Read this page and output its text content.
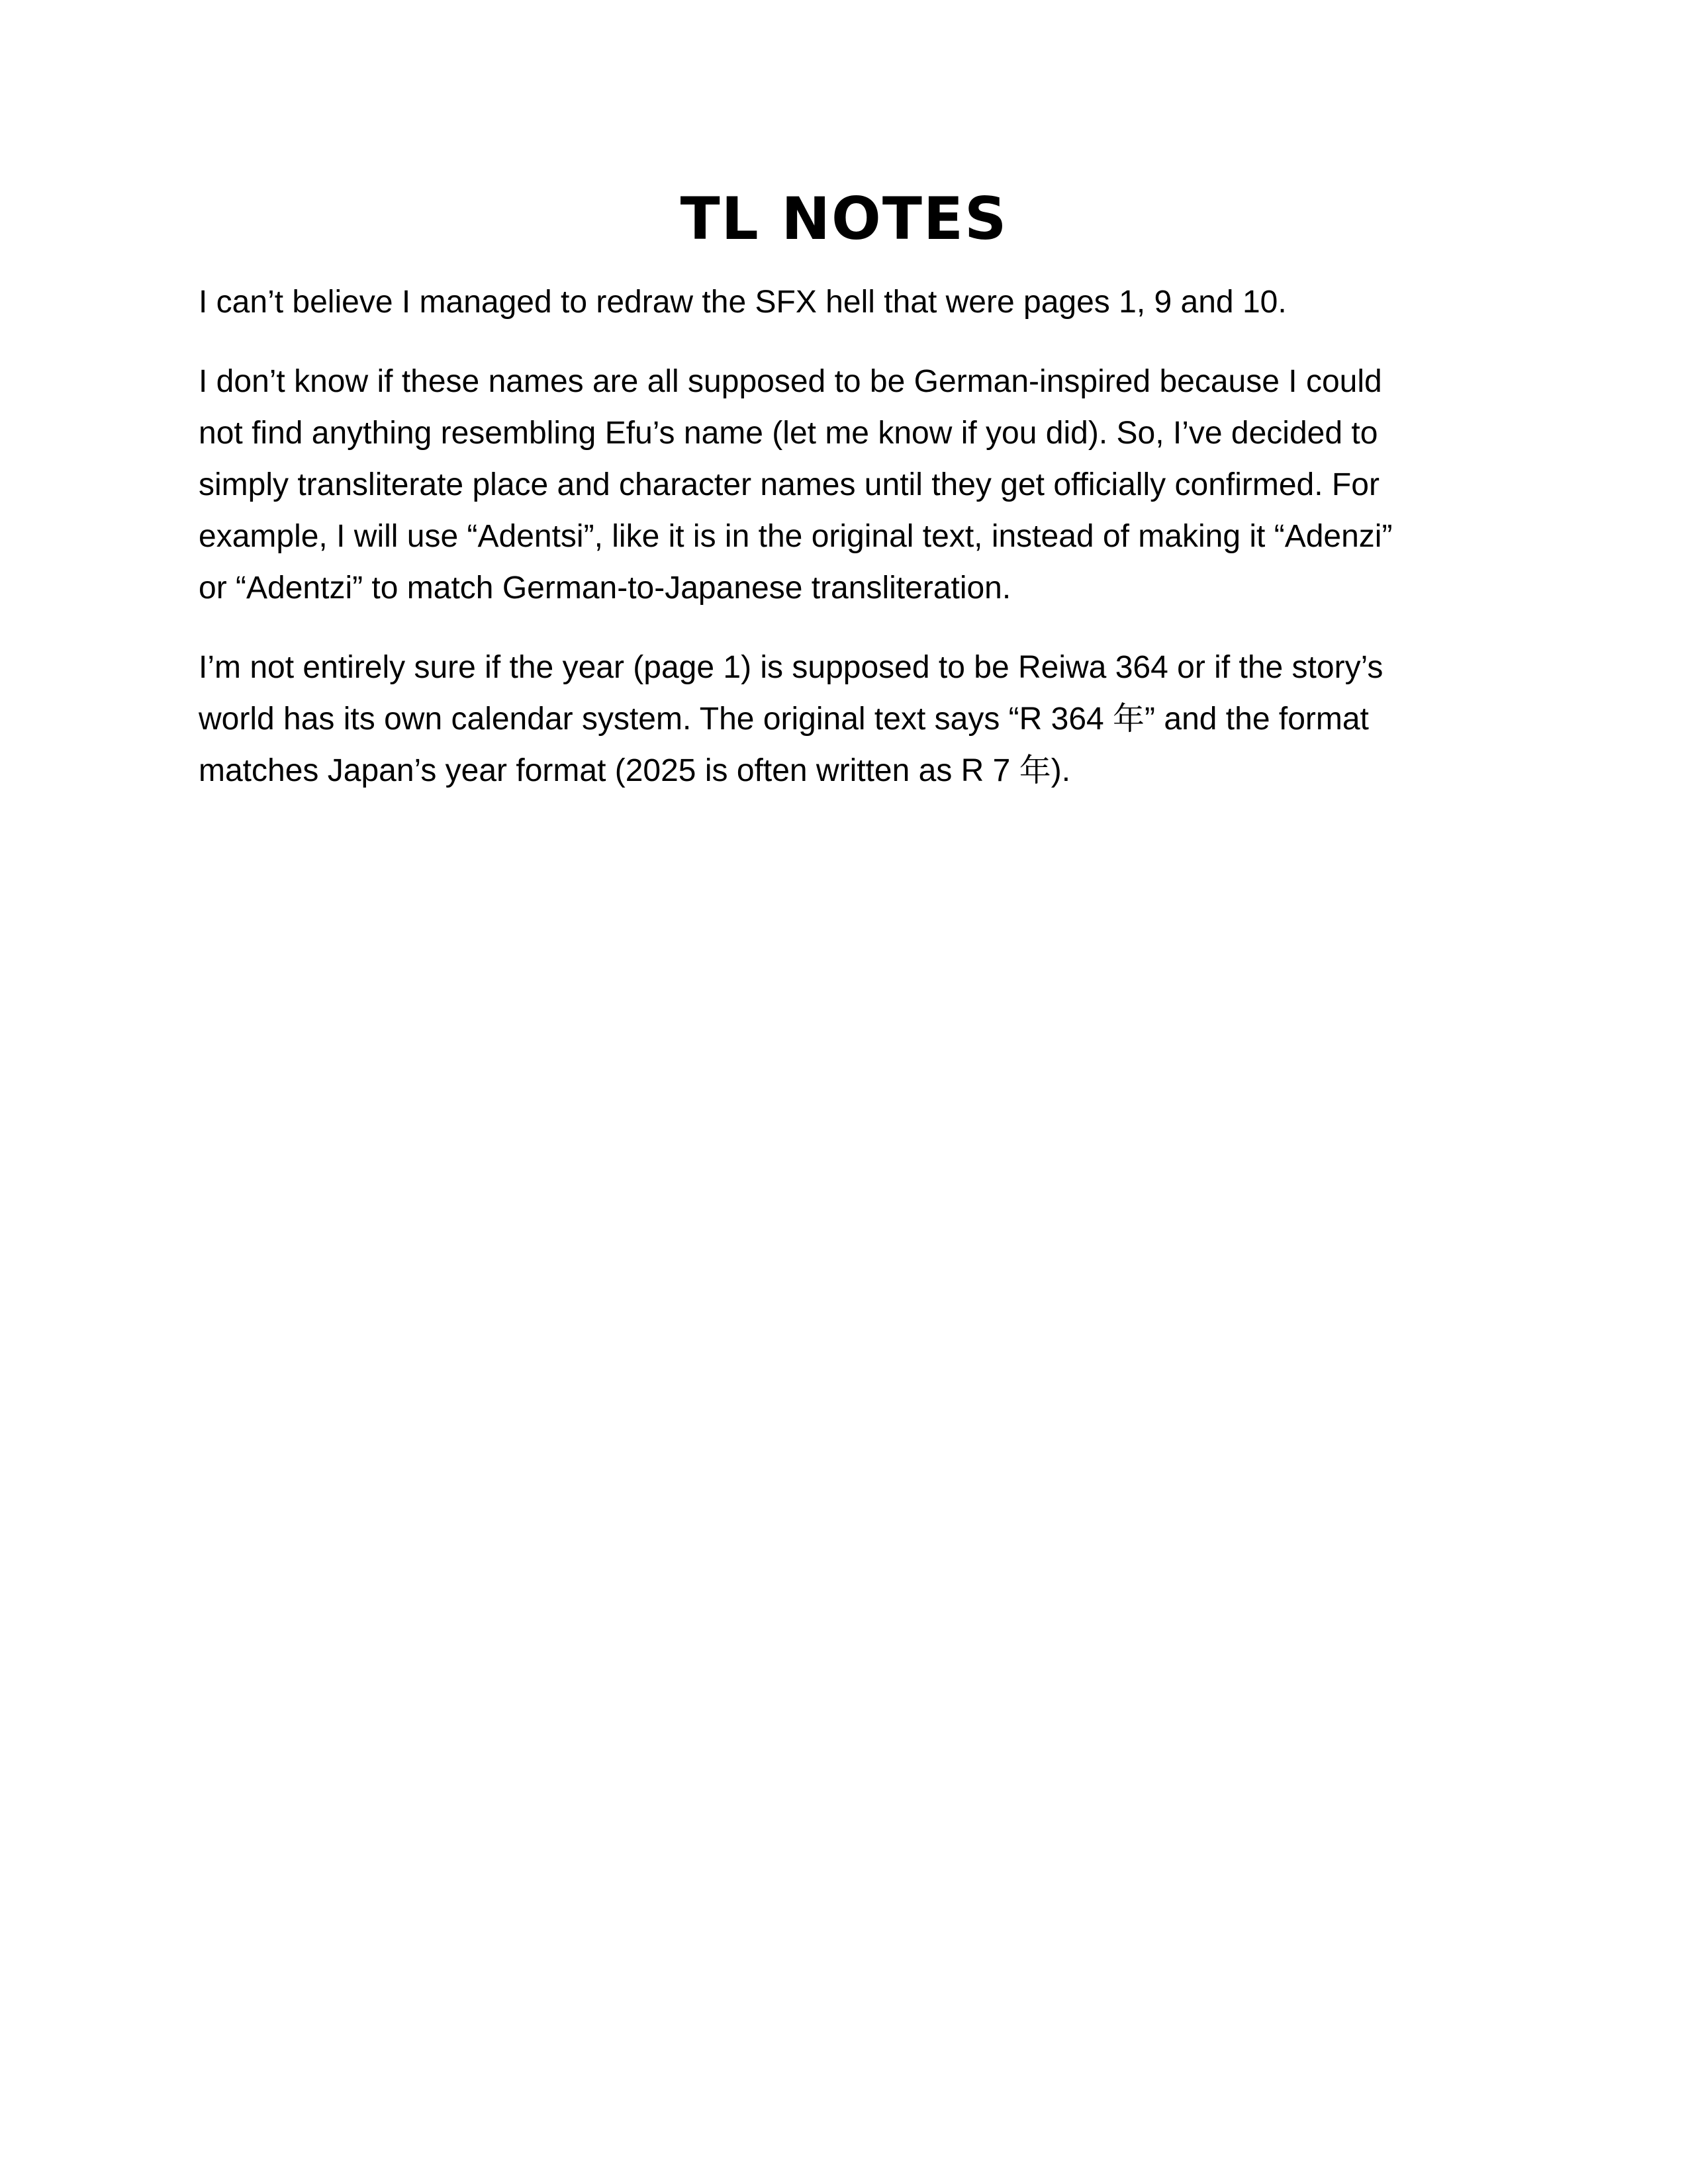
TL NOTES

I can’t believe I managed to redraw the SFX hell that were pages 1, 9 and 10.

I don’t know if these names are all supposed to be German-inspired because I could
not find anything resembling Efu’s name (let me know if you did). So, I’ve decided to
simply transliterate place and character names until they get officially confirmed. For
example, I will use “Adentsi”, like it is in the original text, instead of making it “Adenzi”
or “Adentzi” to match German-to-Japanese transliteration.

I’m not entirely sure if the year (page 1) is supposed to be Reiwa 364 or if the story’s
world has its own calendar system. The original text says “R 364 年” and the format
matches Japan’s year format (2025 is often written as R 7 年).
